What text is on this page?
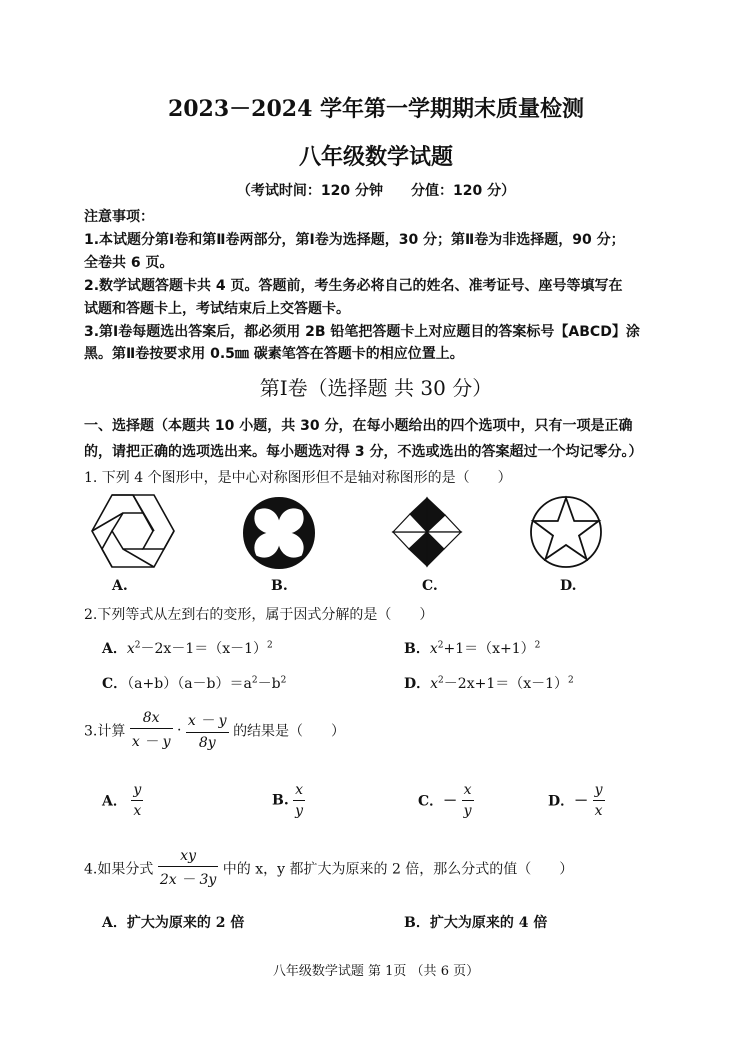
2023－2024 学年第一学期期末质量检测
八年级数学试题
（考试时间：120 分钟　　分值：120 分）
注意事项：
1.本试题分第Ⅰ卷和第Ⅱ卷两部分，第Ⅰ卷为选择题，30 分；第Ⅱ卷为非选择题，90 分；
全卷共 6 页。
2.数学试题答题卡共 4 页。答题前，考生务必将自己的姓名、准考证号、座号等填写在
试题和答题卡上，考试结束后上交答题卡。
3.第Ⅰ卷每题选出答案后，都必须用 2B 铅笔把答题卡上对应题目的答案标号【ABCD】涂
黑。第Ⅱ卷按要求用 0.5㎜ 碳素笔答在答题卡的相应位置上。
第Ⅰ卷（选择题 共 30 分）
一、选择题（本题共 10 小题，共 30 分，在每小题给出的四个选项中，只有一项是正确
的，请把正确的选项选出来。每小题选对得 3 分，不选或选出的答案超过一个均记零分。）
1. 下列 4 个图形中，是中心对称图形但不是轴对称图形的是（　　）
A.	B.	C.	D.
2.下列等式从左到右的变形，属于因式分解的是（　　）
A．$x^2-2x-1=(x-1)^2$	B．$x^2+1=(x+1)^2$
C．$(a+b)(a-b)=a^2-b^2$	D．$x^2-2x+1=(x-1)^2$
3.计算 $\frac{8x}{x - y} \cdot \frac{x - y}{8y}$ 的结果是（　　）
A． $\frac{y}{x}$	B. $\frac{x}{y}$	C．－ $\frac{x}{y}$	D．－ $\frac{y}{x}$
4.如果分式 $\frac{xy}{2x - 3y}$ 中的 x，y 都扩大为原来的 2 倍，那么分式的值（　　）
A．扩大为原来的 2 倍	B．扩大为原来的 4 倍
八年级数学试题 第 1页 （共 6 页）
